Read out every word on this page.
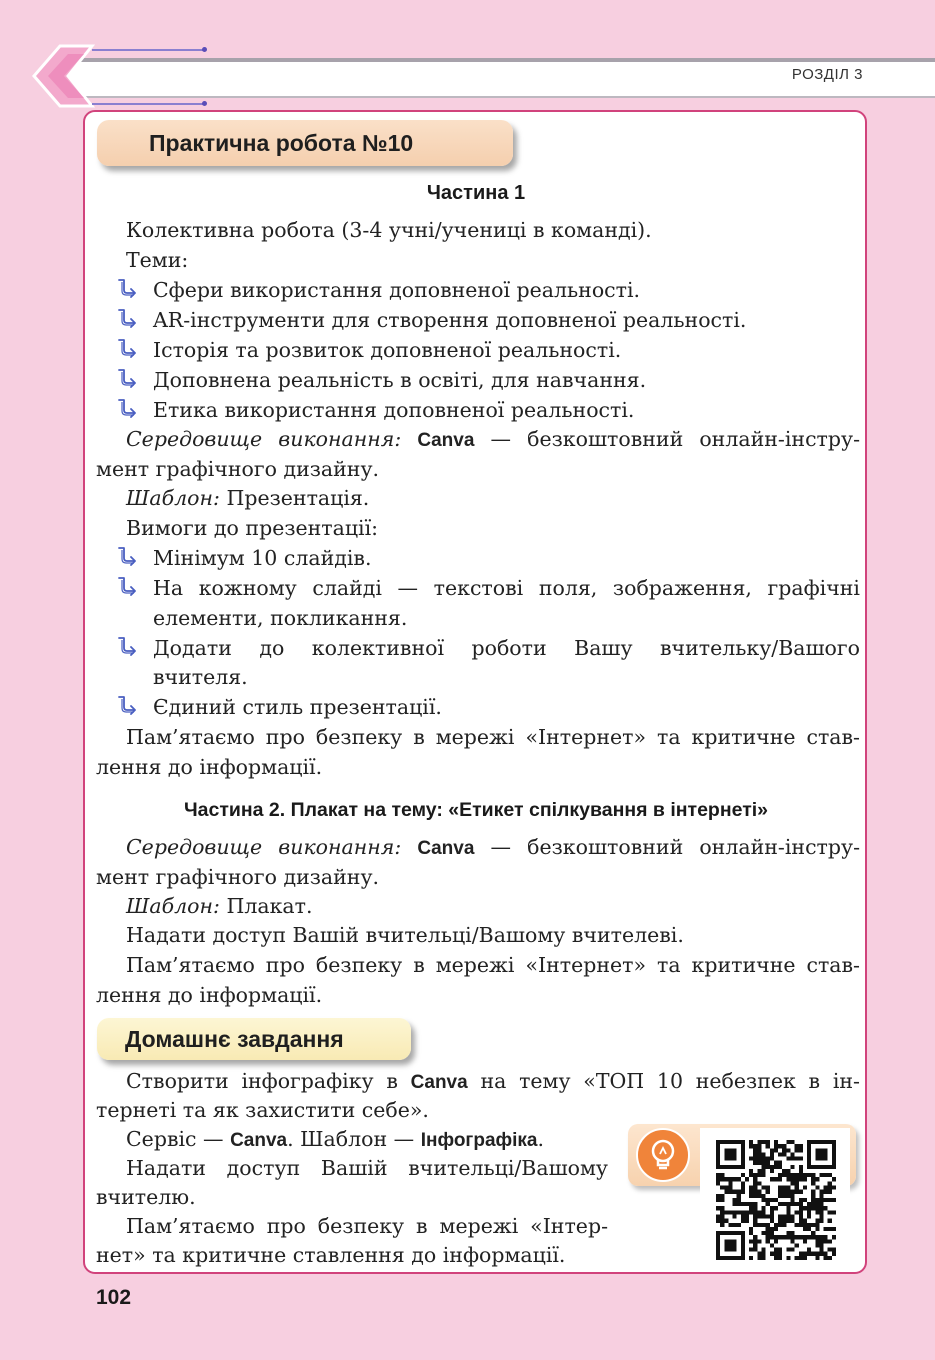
РОЗДІЛ 3
Практична робота №10
Частина 1
Колективна робота (3-4 учні/учениці в команді).
Теми:
Сфери використання доповненої реальності.
AR-інструменти для створення доповненої реальності.
Історія та розвиток доповненої реальності.
Доповнена реальність в освіті, для навчання.
Етика використання доповненої реальності.
Середовище виконання: Canva — безкоштовний онлайн-інстру-
мент графічного дизайну.
Шаблон: Презентація.
Вимоги до презентації:
Мінімум 10 слайдів.
На кожному слайді — текстові поля, зображення, графічні
елементи, покликання.
Додати до колективної роботи Вашу вчительку/Вашого
вчителя.
Єдиний стиль презентації.
Пам’ятаємо про безпеку в мережі «Інтернет» та критичне став-
лення до інформації.
Частина 2. Плакат на тему: «Етикет спілкування в інтернеті»
Середовище виконання: Canva — безкоштовний онлайн-інстру-
мент графічного дизайну.
Шаблон: Плакат.
Надати доступ Вашій вчительці/Вашому вчителеві.
Пам’ятаємо про безпеку в мережі «Інтернет» та критичне став-
лення до інформації.
Домашнє завдання
Створити інфографіку в Canva на тему «ТОП 10 небезпек в ін-
тернеті та як захистити себе».
Сервіс — Canva. Шаблон — Інфографіка.
Надати доступ Вашій вчительці/Вашому
вчителю.
Пам’ятаємо про безпеку в мережі «Інтер-
нет» та критичне ставлення до інформації.
102
